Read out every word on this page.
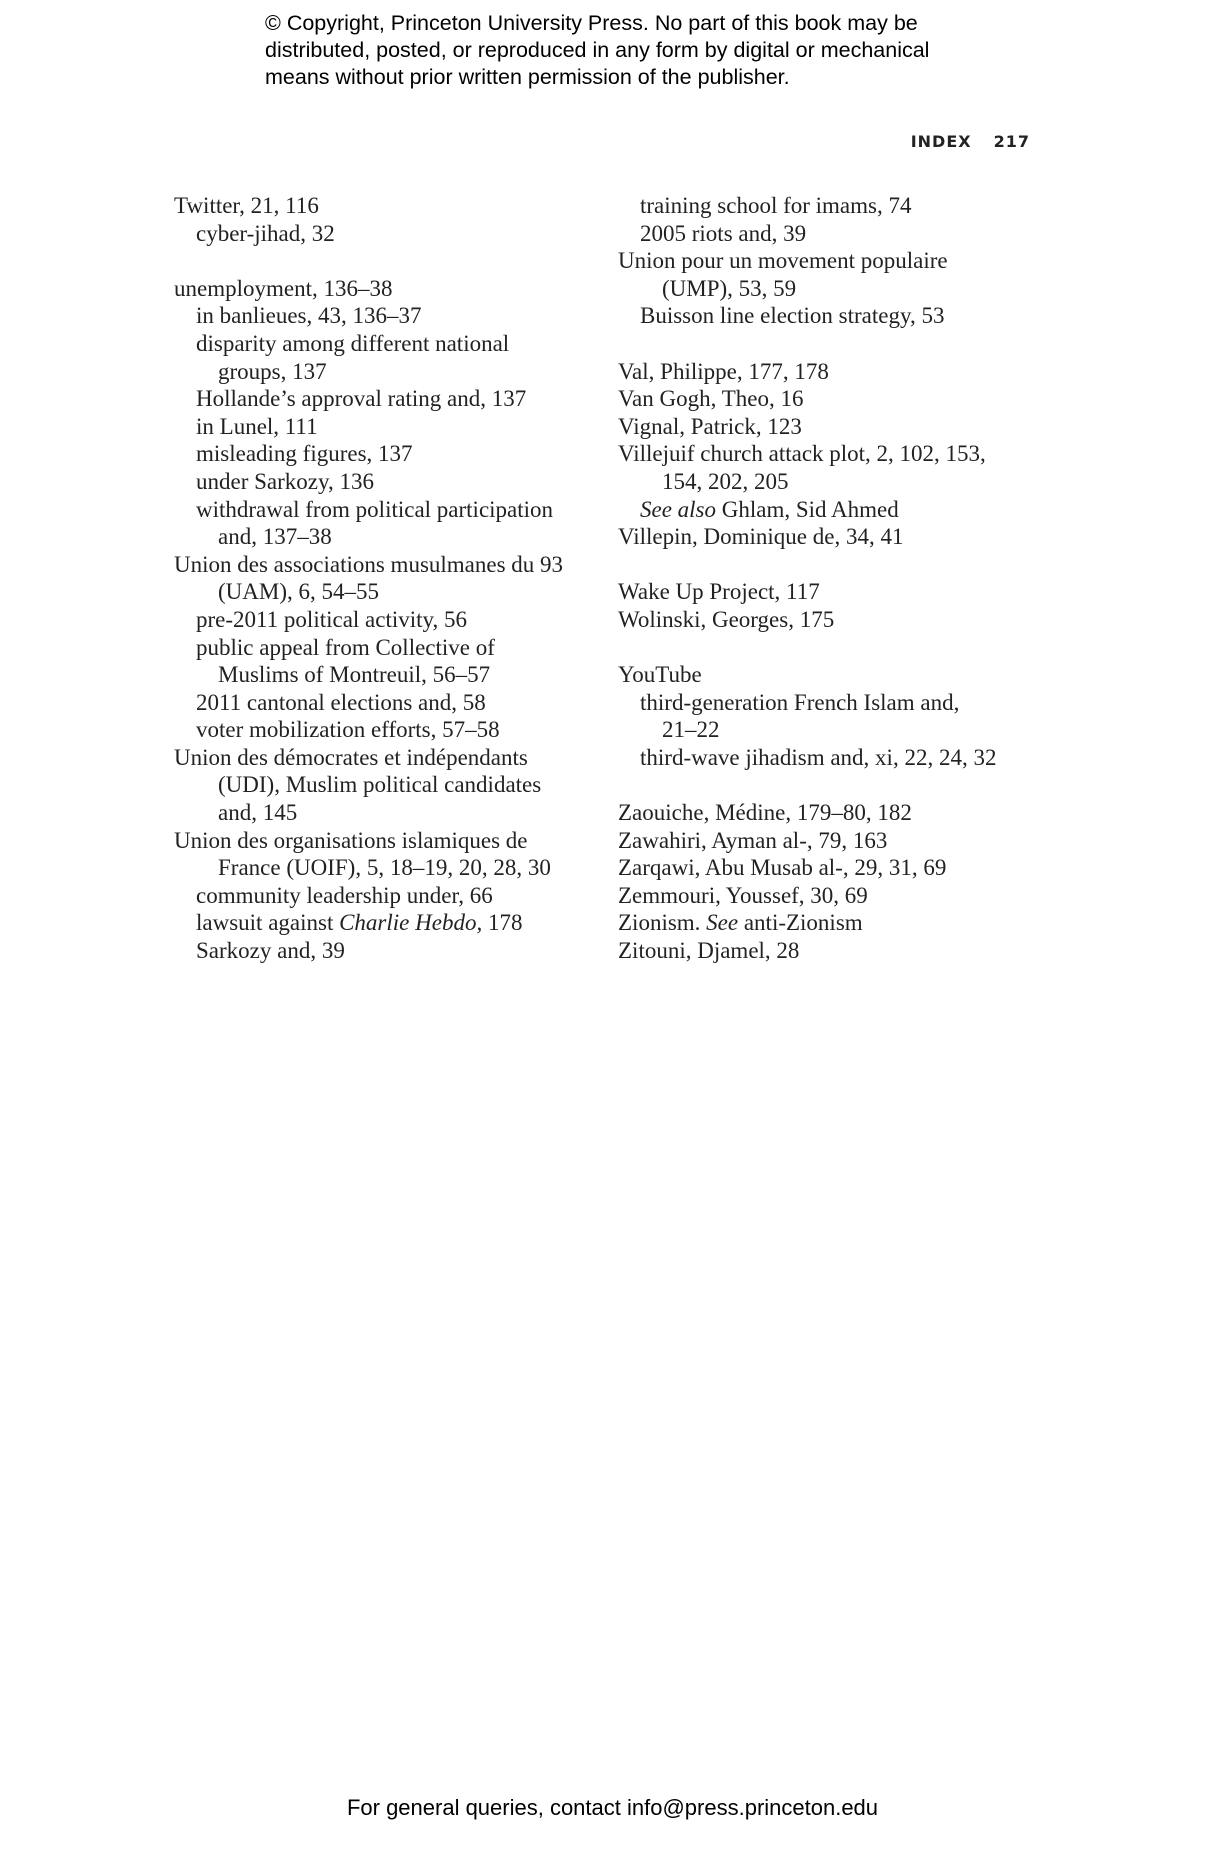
© Copyright, Princeton University Press. No part of this book may be
distributed, posted, or reproduced in any form by digital or mechanical
means without prior written permission of the publisher.
INDEX 217
Twitter, 21, 116
cyber-jihad, 32
unemployment, 136–38
in banlieues, 43, 136–37
disparity among different national
groups, 137
Hollande’s approval rating and, 137
in Lunel, 111
misleading figures, 137
under Sarkozy, 136
withdrawal from political participation
and, 137–38
Union des associations musulmanes du 93
(UAM), 6, 54–55
pre-2011 political activity, 56
public appeal from Collective of
Muslims of Montreuil, 56–57
2011 cantonal elections and, 58
voter mobilization efforts, 57–58
Union des démocrates et indépendants
(UDI), Muslim political candidates
and, 145
Union des organisations islamiques de
France (UOIF), 5, 18–19, 20, 28, 30
community leadership under, 66
lawsuit against Charlie Hebdo, 178
Sarkozy and, 39
training school for imams, 74
2005 riots and, 39
Union pour un movement populaire
(UMP), 53, 59
Buisson line election strategy, 53
Val, Philippe, 177, 178
Van Gogh, Theo, 16
Vignal, Patrick, 123
Villejuif church attack plot, 2, 102, 153,
154, 202, 205
See also Ghlam, Sid Ahmed
Villepin, Dominique de, 34, 41
Wake Up Project, 117
Wolinski, Georges, 175
YouTube
third-generation French Islam and,
21–22
third-wave jihadism and, xi, 22, 24, 32
Zaouiche, Médine, 179–80, 182
Zawahiri, Ayman al-, 79, 163
Zarqawi, Abu Musab al-, 29, 31, 69
Zemmouri, Youssef, 30, 69
Zionism. See anti-Zionism
Zitouni, Djamel, 28
For general queries, contact info@press.princeton.edu
